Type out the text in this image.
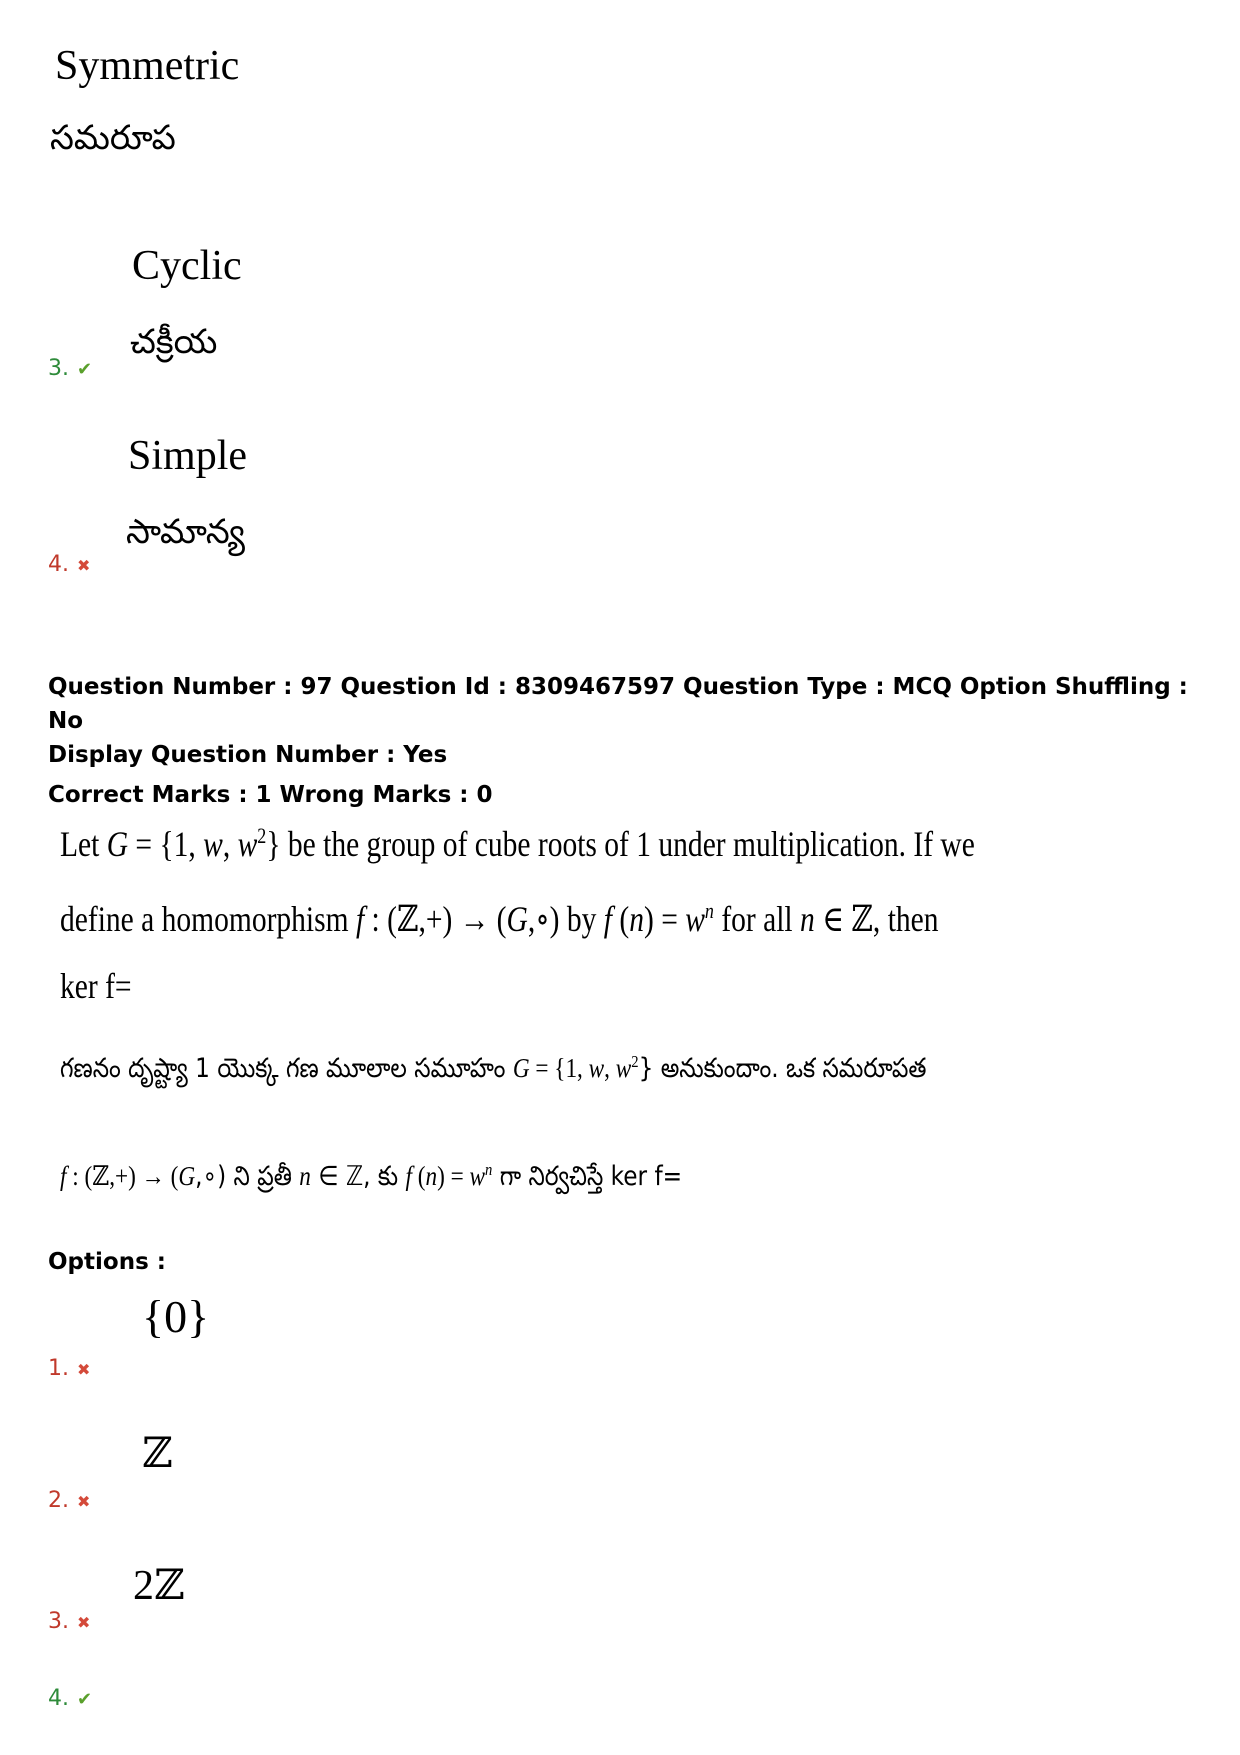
Symmetric
సమరూప
Cyclic
చక్రీయ
3. ✔
Simple
సామాన్య
4. ✖
Question Number : 97 Question Id : 8309467597 Question Type : MCQ Option Shuffling : No
Display Question Number : Yes
Correct Marks : 1 Wrong Marks : 0
Let G = {1, w, $w^2$} be the group of cube roots of 1 under multiplication. If we
define a homomorphism f : (ℤ,+) → (G,∘) by f $(n) = w^n$ for all n ∈ ℤ, then
ker f=
గణనం దృష్ట్యా 1 యొక్క గణ మూలాల సమూహం G = {1, w, $w^2$} అనుకుందాం. ఒక సమరూపత
f : (ℤ,+) → (G,∘) ని ప్రతీ n ∈ ℤ, కు f $(n) = w^n$ గా నిర్వచిస్తే ker f=
Options :
{0}
1. ✖
ℤ
2. ✖
2ℤ
3. ✖
4. ✔
